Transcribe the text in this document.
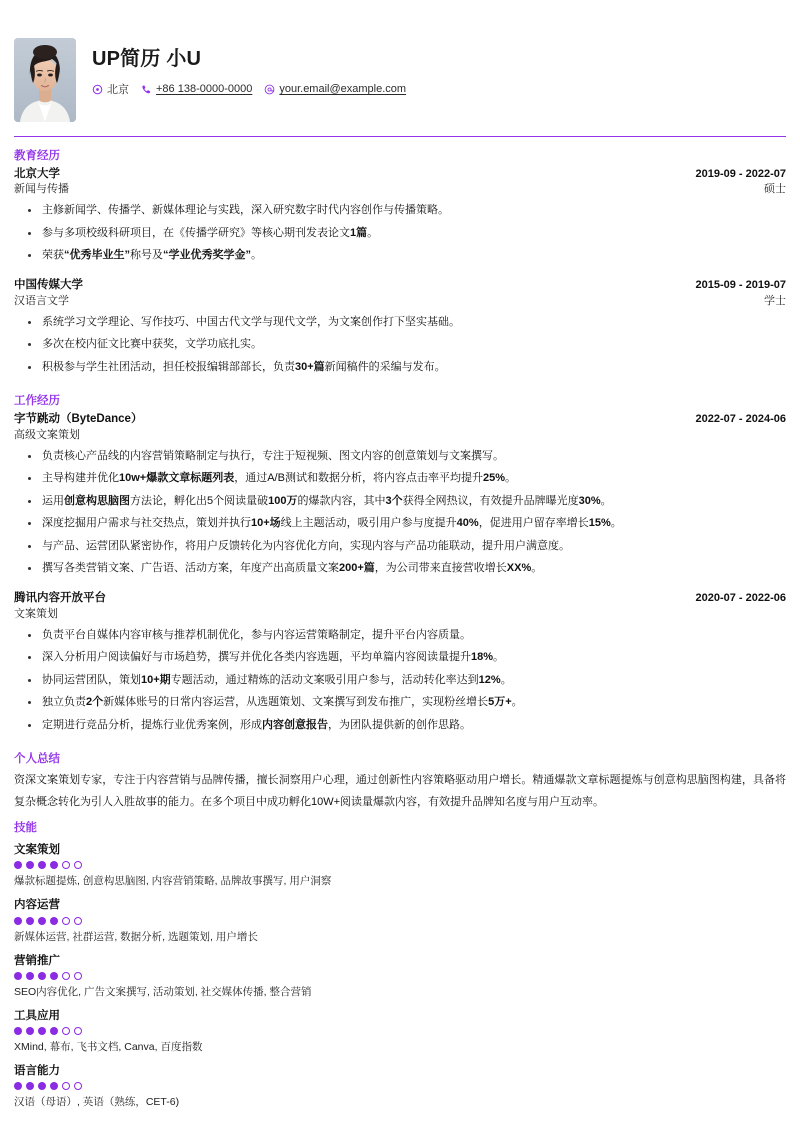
UP简历 小U
北京 +86 138-0000-0000 your.email@example.com
教育经历
北京大学	2019-09 - 2022-07
新闻与传播	硕士
主修新闻学、传播学、新媒体理论与实践，深入研究数字时代内容创作与传播策略。
参与多项校级科研项目，在《传播学研究》等核心期刊发表论文1篇。
荣获“优秀毕业生”称号及“学业优秀奖学金”。
中国传媒大学	2015-09 - 2019-07
汉语言文学	学士
系统学习文学理论、写作技巧、中国古代文学与现代文学，为文案创作打下坚实基础。
多次在校内征文比赛中获奖，文学功底扎实。
积极参与学生社团活动，担任校报编辑部部长，负责30+篇新闻稿件的采编与发布。
工作经历
字节跳动（ByteDance）	2022-07 - 2024-06
高级文案策划
负责核心产品线的内容营销策略制定与执行，专注于短视频、图文内容的创意策划与文案撰写。
主导构建并优化10w+爆款文章标题列表，通过A/B测试和数据分析，将内容点击率平均提升25%。
运用创意构思脑图方法论，孵化出5个阅读量破100万的爆款内容，其中3个获得全网热议，有效提升品牌曝光度30%。
深度挖掘用户需求与社交热点，策划并执行10+场线上主题活动，吸引用户参与度提升40%，促进用户留存率增长15%。
与产品、运营团队紧密协作，将用户反馈转化为内容优化方向，实现内容与产品功能联动，提升用户满意度。
撰写各类营销文案、广告语、活动方案，年度产出高质量文案200+篇，为公司带来直接营收增长XX%。
腾讯内容开放平台	2020-07 - 2022-06
文案策划
负责平台自媒体内容审核与推荐机制优化，参与内容运营策略制定，提升平台内容质量。
深入分析用户阅读偏好与市场趋势，撰写并优化各类内容选题，平均单篇内容阅读量提升18%。
协同运营团队，策划10+期专题活动，通过精炼的活动文案吸引用户参与，活动转化率达到12%。
独立负责2个新媒体账号的日常内容运营，从选题策划、文案撰写到发布推广，实现粉丝增长5万+。
定期进行竞品分析，提炼行业优秀案例，形成内容创意报告，为团队提供新的创作思路。
个人总结

资深文案策划专家，专注于内容营销与品牌传播，擅长洞察用户心理，通过创新性内容策略驱动用户增长。精通爆款文章标题提炼与创意构思脑图构建，具备将复杂概念转化为引人入胜故事的能力。在多个项目中成功孵化10W+阅读量爆款内容，有效提升品牌知名度与用户互动率。

技能
文案策划
爆款标题提炼, 创意构思脑图, 内容营销策略, 品牌故事撰写, 用户洞察
内容运营
新媒体运营, 社群运营, 数据分析, 选题策划, 用户增长
营销推广
SEO内容优化, 广告文案撰写, 活动策划, 社交媒体传播, 整合营销
工具应用
XMind, 幕布, 飞书文档, Canva, 百度指数
语言能力
汉语（母语）, 英语（熟练，CET-6)
